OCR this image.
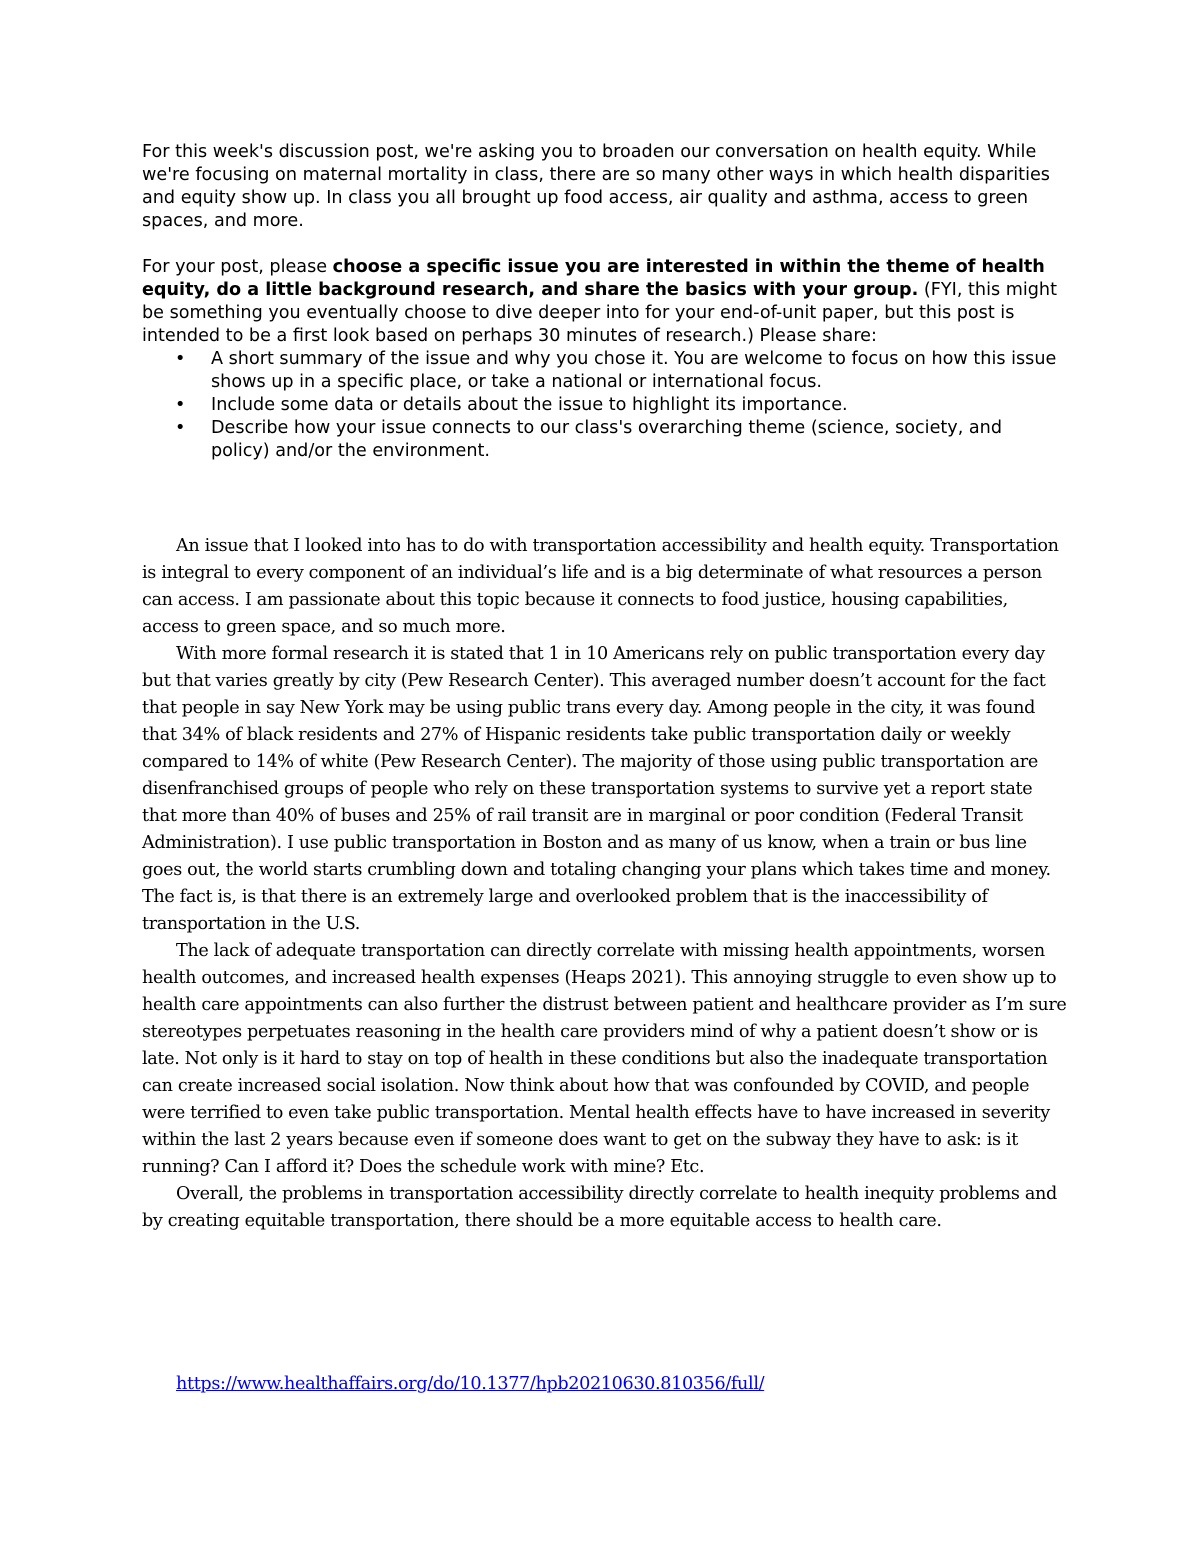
For this week's discussion post, we're asking you to broaden our conversation on health equity. While we're focusing on maternal mortality in class, there are so many other ways in which health disparities and equity show up. In class you all brought up food access, air quality and asthma, access to green spaces, and more.

For your post, please choose a specific issue you are interested in within the theme of health equity, do a little background research, and share the basics with your group. (FYI, this might be something you eventually choose to dive deeper into for your end-of-unit paper, but this post is intended to be a first look based on perhaps 30 minutes of research.) Please share:

• A short summary of the issue and why you chose it. You are welcome to focus on how this issue shows up in a specific place, or take a national or international focus.
• Include some data or details about the issue to highlight its importance.
• Describe how your issue connects to our class's overarching theme (science, society, and policy) and/or the environment.

An issue that I looked into has to do with transportation accessibility and health equity. Transportation is integral to every component of an individual’s life and is a big determinate of what resources a person can access. I am passionate about this topic because it connects to food justice, housing capabilities, access to green space, and so much more.

With more formal research it is stated that 1 in 10 Americans rely on public transportation every day but that varies greatly by city (Pew Research Center). This averaged number doesn’t account for the fact that people in say New York may be using public trans every day. Among people in the city, it was found that 34% of black residents and 27% of Hispanic residents take public transportation daily or weekly compared to 14% of white (Pew Research Center). The majority of those using public transportation are disenfranchised groups of people who rely on these transportation systems to survive yet a report state that more than 40% of buses and 25% of rail transit are in marginal or poor condition (Federal Transit Administration). I use public transportation in Boston and as many of us know, when a train or bus line goes out, the world starts crumbling down and totaling changing your plans which takes time and money. The fact is, is that there is an extremely large and overlooked problem that is the inaccessibility of transportation in the U.S.

The lack of adequate transportation can directly correlate with missing health appointments, worsen health outcomes, and increased health expenses (Heaps 2021). This annoying struggle to even show up to health care appointments can also further the distrust between patient and healthcare provider as I’m sure stereotypes perpetuates reasoning in the health care providers mind of why a patient doesn’t show or is late. Not only is it hard to stay on top of health in these conditions but also the inadequate transportation can create increased social isolation. Now think about how that was confounded by COVID, and people were terrified to even take public transportation. Mental health effects have to have increased in severity within the last 2 years because even if someone does want to get on the subway they have to ask: is it running? Can I afford it? Does the schedule work with mine? Etc.

Overall, the problems in transportation accessibility directly correlate to health inequity problems and by creating equitable transportation, there should be a more equitable access to health care.

https://www.healthaffairs.org/do/10.1377/hpb20210630.810356/full/
